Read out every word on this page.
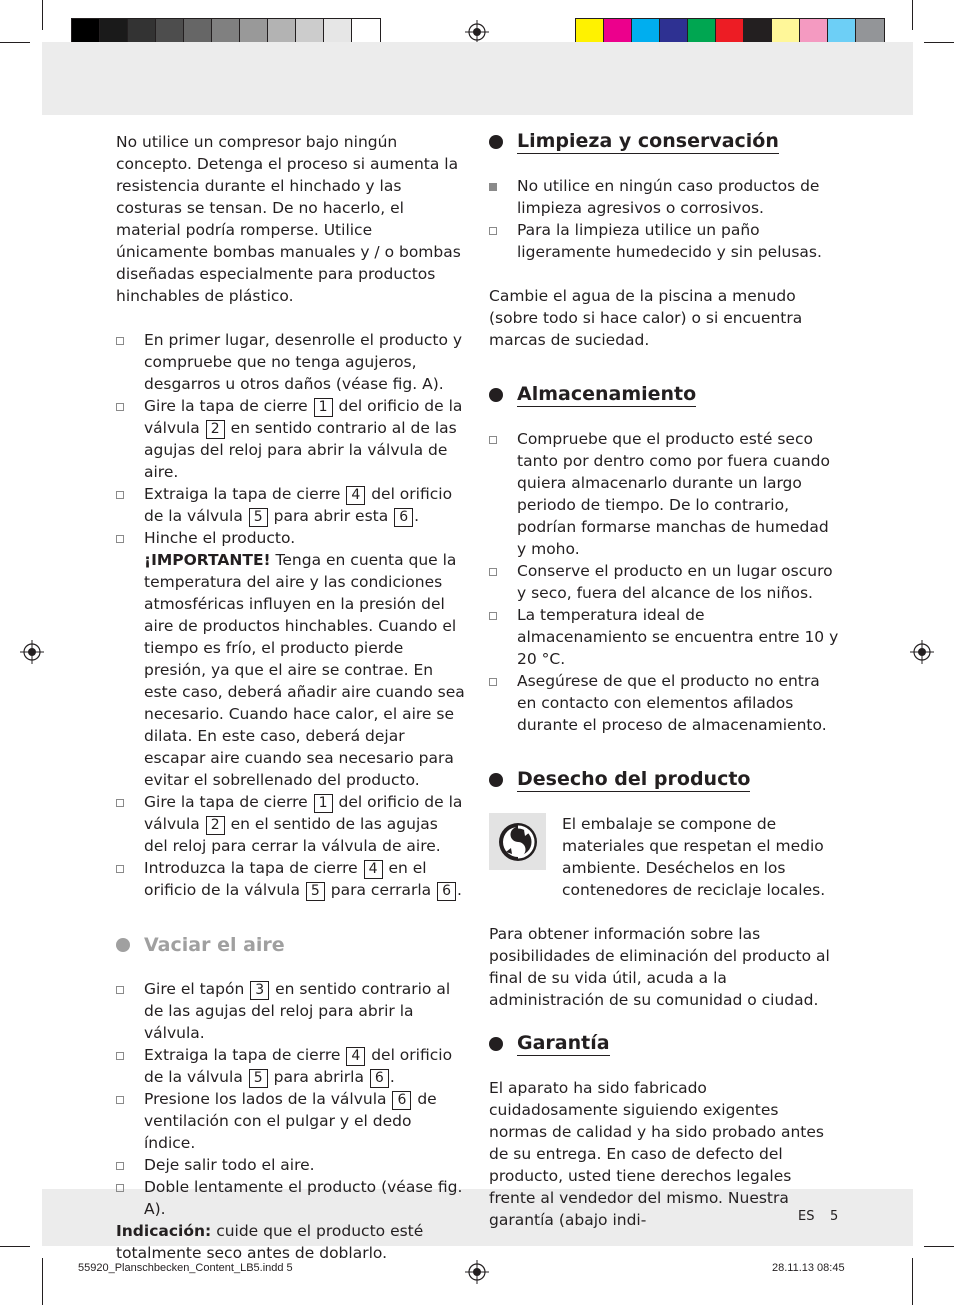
No utilice un compresor bajo ningún concepto. Detenga el proceso si aumenta la resistencia durante el hinchado y las costuras se tensan. De no hacerlo, el material podría romperse. Utilice únicamente bombas manuales y / o bombas diseñadas especialmente para productos hinchables de plástico.

En primer lugar, desenrolle el producto y compruebe que no tenga agujeros, desgarros u otros daños (véase fig. A).
Gire la tapa de cierre 1 del orificio de la válvula 2 en sentido contrario al de las agujas del reloj para abrir la válvula de aire.
Extraiga la tapa de cierre 4 del orificio de la válvula 5 para abrir esta 6 .
Hinche el producto.
¡IMPORTANTE! Tenga en cuenta que la temperatura del aire y las condiciones atmosféricas influyen en la presión del aire de productos hinchables. Cuando el tiempo es frío, el producto pierde presión, ya que el aire se contrae. En este caso, deberá añadir aire cuando sea necesario. Cuando hace calor, el aire se dilata. En este caso, deberá dejar escapar aire cuando sea necesario para evitar el sobrellenado del producto.
Gire la tapa de cierre 1 del orificio de la válvula 2 en el sentido de las agujas del reloj para cerrar la válvula de aire.
Introduzca la tapa de cierre 4 en el orificio de la válvula 5 para cerrarla 6 .
Vaciar el aire
Gire el tapón 3 en sentido contrario al de las agujas del reloj para abrir la válvula.
Extraiga la tapa de cierre 4 del orificio de la válvula 5 para abrirla 6 .
Presione los lados de la válvula 6 de ventilación con el pulgar y el dedo índice.
Deje salir todo el aire.
Doble lentamente el producto (véase fig. A).

Indicación: cuide que el producto esté totalmente seco antes de doblarlo.

Limpieza y conservación
No utilice en ningún caso productos de limpieza agresivos o corrosivos.
Para la limpieza utilice un paño ligeramente humedecido y sin pelusas.

Cambie el agua de la piscina a menudo (sobre todo si hace calor) o si encuentra marcas de suciedad.

Almacenamiento
Compruebe que el producto esté seco tanto por dentro como por fuera cuando quiera almacenarlo durante un largo periodo de tiempo. De lo contrario, podrían formarse manchas de humedad y moho.
Conserve el producto en un lugar oscuro y seco, fuera del alcance de los niños.
La temperatura ideal de almacenamiento se encuentra entre 10 y 20 °C.
Asegúrese de que el producto no entra en contacto con elementos afilados durante el proceso de almacenamiento.
Desecho del producto

El embalaje se compone de materiales que respetan el medio ambiente. Deséchelos en los contenedores de reciclaje locales.

Para obtener información sobre las posibilidades de eliminación del producto al final de su vida útil, acuda a la administración de su comunidad o ciudad.

Garantía

El aparato ha sido fabricado cuidadosamente siguiendo exigentes normas de calidad y ha sido probado antes de su entrega. En caso de defecto del producto, usted tiene derechos legales frente al vendedor del mismo. Nuestra garantía (abajo indi-	ES 5
55920_Planschbecken_Content_LB5.indd 5	28.11.13 08:45
